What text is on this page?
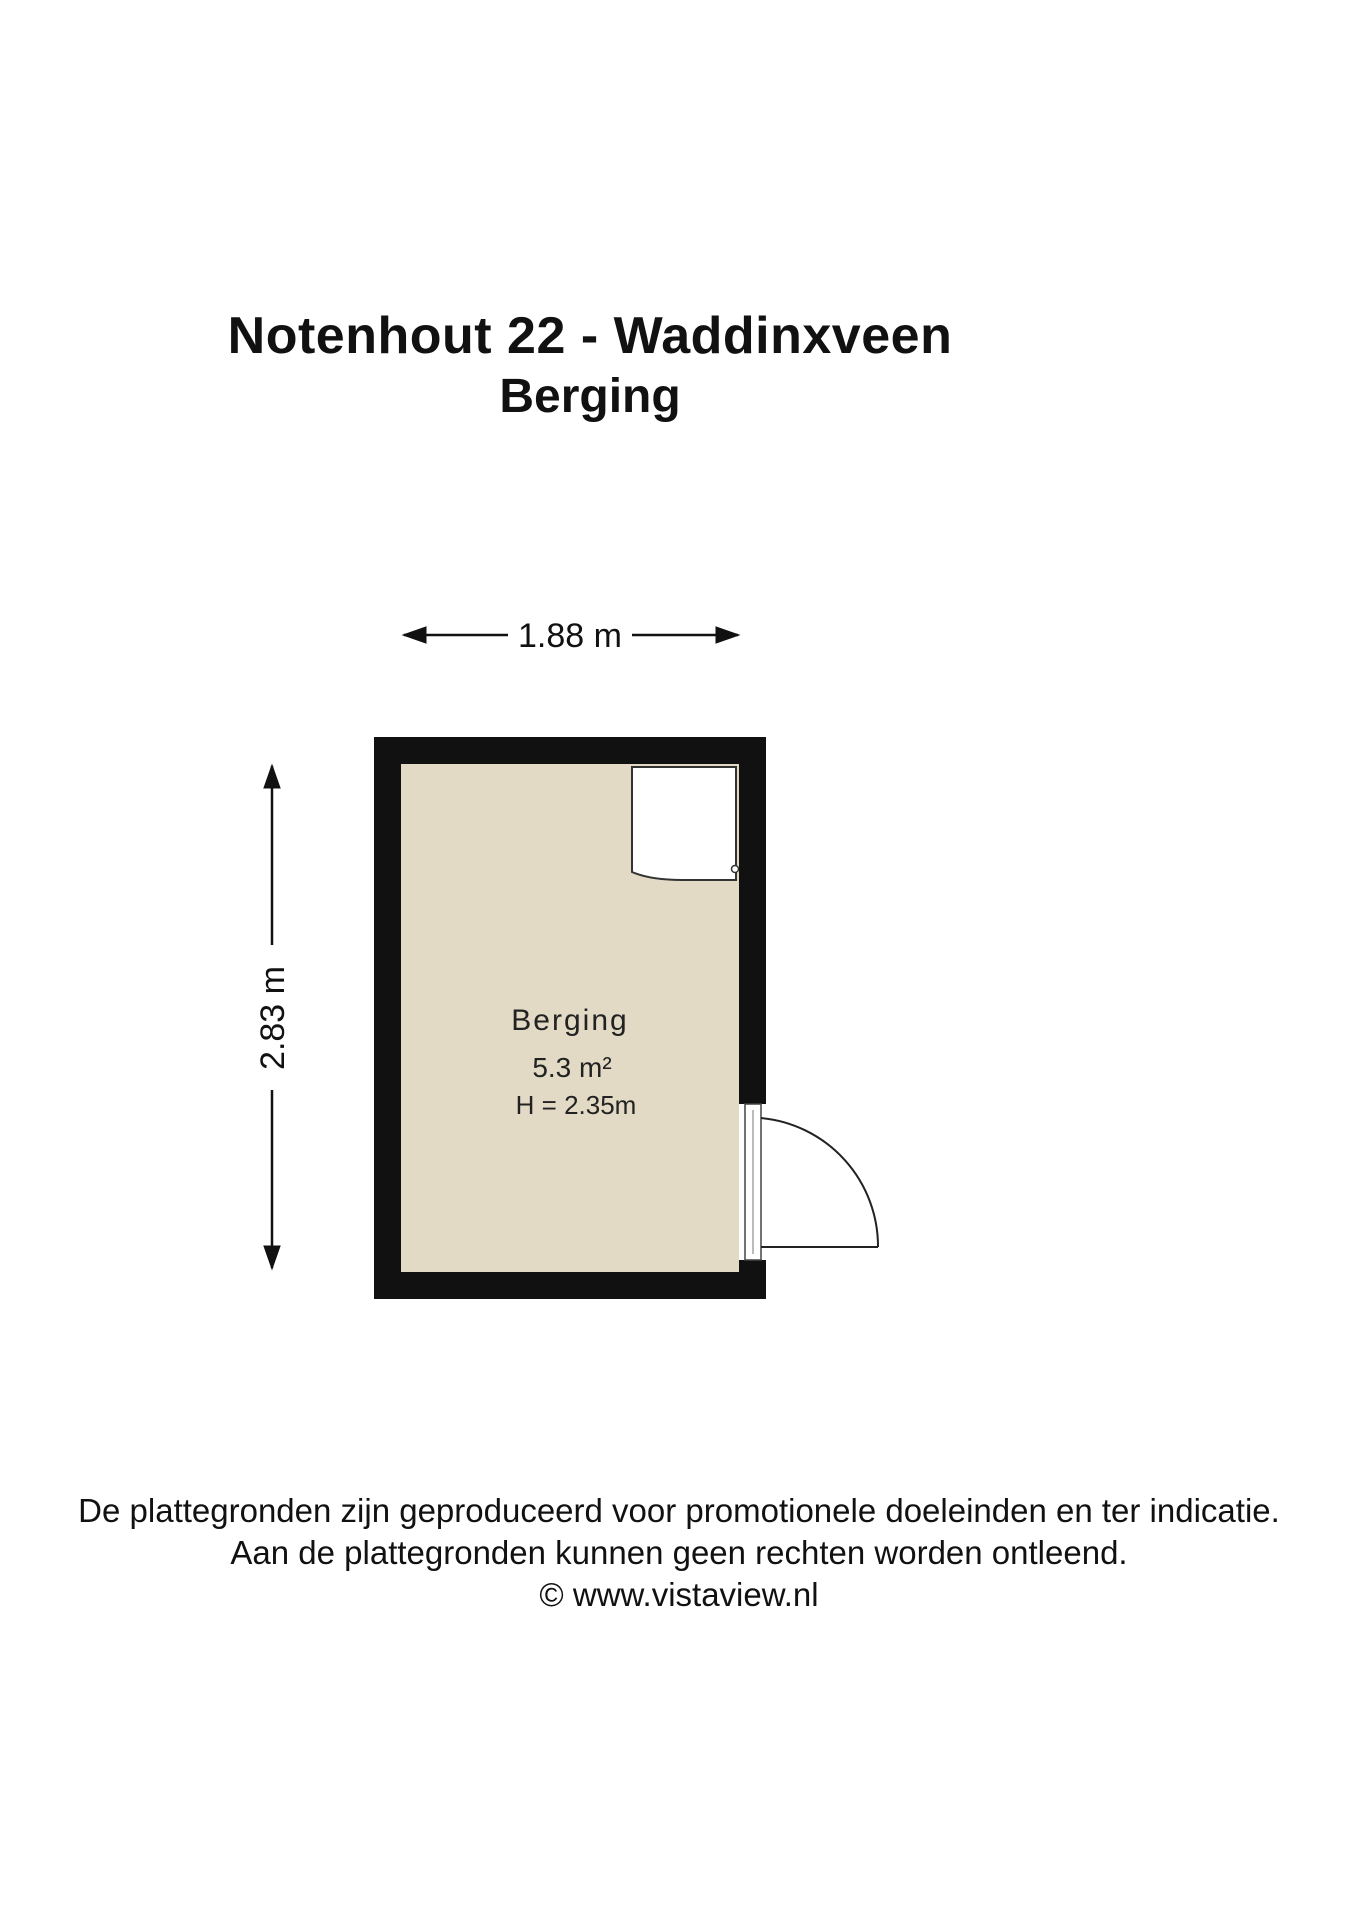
Notenhout 22 - Waddinxveen
Berging
1.88 m
2.83 m	Berging
5.3 m²
H = 2.35m
De plattegronden zijn geproduceerd voor promotionele doeleinden en ter indicatie.
Aan de plattegronden kunnen geen rechten worden ontleend.
© www.vistaview.nl
